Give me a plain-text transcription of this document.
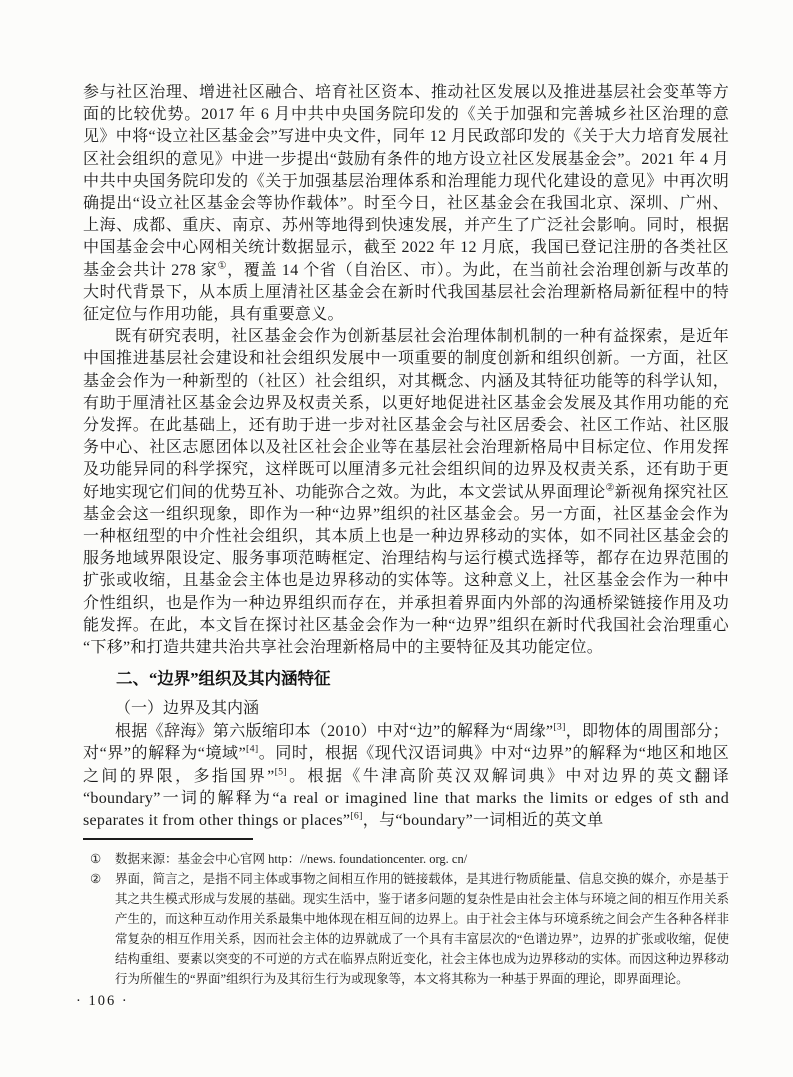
参与社区治理、增进社区融合、培育社区资本、推动社区发展以及推进基层社会变革等方面的比较优势。2017 年 6 月中共中央国务院印发的《关于加强和完善城乡社区治理的意见》中将“设立社区基金会”写进中央文件，同年 12 月民政部印发的《关于大力培育发展社区社会组织的意见》中进一步提出“鼓励有条件的地方设立社区发展基金会”。2021 年 4 月中共中央国务院印发的《关于加强基层治理体系和治理能力现代化建设的意见》中再次明确提出“设立社区基金会等协作载体”。时至今日，社区基金会在我国北京、深圳、广州、上海、成都、重庆、南京、苏州等地得到快速发展，并产生了广泛社会影响。同时，根据中国基金会中心网相关统计数据显示，截至 2022 年 12 月底，我国已登记注册的各类社区基金会共计 278 家①，覆盖 14 个省（自治区、市）。为此，在当前社会治理创新与改革的大时代背景下，从本质上厘清社区基金会在新时代我国基层社会治理新格局新征程中的特征定位与作用功能，具有重要意义。

既有研究表明，社区基金会作为创新基层社会治理体制机制的一种有益探索，是近年中国推进基层社会建设和社会组织发展中一项重要的制度创新和组织创新。一方面，社区基金会作为一种新型的（社区）社会组织，对其概念、内涵及其特征功能等的科学认知，有助于厘清社区基金会边界及权责关系，以更好地促进社区基金会发展及其作用功能的充分发挥。在此基础上，还有助于进一步对社区基金会与社区居委会、社区工作站、社区服务中心、社区志愿团体以及社区社会企业等在基层社会治理新格局中目标定位、作用发挥及功能异同的科学探究，这样既可以厘清多元社会组织间的边界及权责关系，还有助于更好地实现它们间的优势互补、功能弥合之效。为此，本文尝试从界面理论②新视角探究社区基金会这一组织现象，即作为一种“边界”组织的社区基金会。另一方面，社区基金会作为一种枢纽型的中介性社会组织，其本质上也是一种边界移动的实体，如不同社区基金会的服务地域界限设定、服务事项范畴框定、治理结构与运行模式选择等，都存在边界范围的扩张或收缩，且基金会主体也是边界移动的实体等。这种意义上，社区基金会作为一种中介性组织，也是作为一种边界组织而存在，并承担着界面内外部的沟通桥梁链接作用及功能发挥。在此，本文旨在探讨社区基金会作为一种“边界”组织在新时代我国社会治理重心“下移”和打造共建共治共享社会治理新格局中的主要特征及其功能定位。

二、“边界”组织及其内涵特征
（一）边界及其内涵

根据《辞海》第六版缩印本（2010）中对“边”的解释为“周缘”[3]，即物体的周围部分；对“界”的解释为“境域”[4]。同时，根据《现代汉语词典》中对“边界”的解释为“地区和地区之间的界限，多指国界”[5]。根据《牛津高阶英汉双解词典》中对边界的英文翻译“boundary”一词的解释为“a real or imagined line that marks the limits or edges of sth and separates it from other things or places”[6]，与“boundary”一词相近的英文单

① 数据来源：基金会中心官网 http：//news. foundationcenter. org. cn/
② 界面，简言之，是指不同主体或事物之间相互作用的链接载体，是其进行物质能量、信息交换的媒介，亦是基于其之共生模式形成与发展的基础。现实生活中，鉴于诸多问题的复杂性是由社会主体与环境之间的相互作用关系产生的，而这种互动作用关系最集中地体现在相互间的边界上。由于社会主体与环境系统之间会产生各种各样非常复杂的相互作用关系，因而社会主体的边界就成了一个具有丰富层次的“色谱边界”，边界的扩张或收缩，促使结构重组、要素以突变的不可逆的方式在临界点附近变化，社会主体也成为边界移动的实体。而因这种边界移动行为所催生的“界面”组织行为及其衍生行为或现象等，本文将其称为一种基于界面的理论，即界面理论。
· 106 ·
